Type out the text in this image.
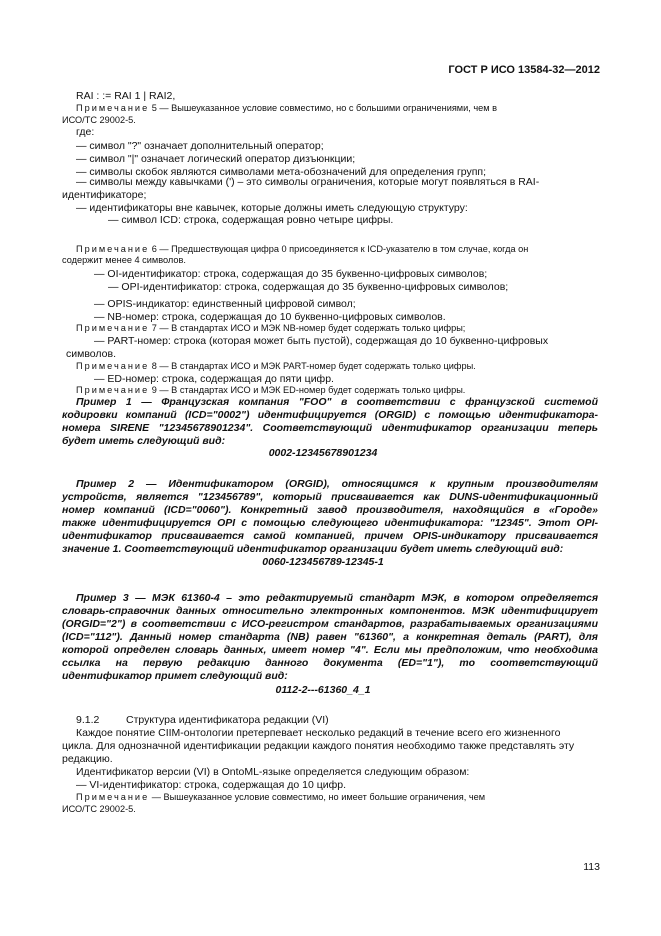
ГОСТ Р ИСО 13584-32—2012
RAI : := RAI 1 | RAI2,
Примечание 5 — Вышеуказанное условие совместимо, но с большими ограничениями, чем в
ИСО/ТС 29002-5.
где:
— символ "?" означает дополнительный оператор;
— символ "|" означает логический оператор дизъюнкции;
— символы скобок являются символами мета-обозначений для определения групп;
— символы между кавычками (') – это символы ограничения, которые могут появляться в RAI-
идентификаторе;
— идентификаторы вне кавычек, которые должны иметь следующую структуру:
— символ ICD: строка, содержащая ровно четыре цифры.
Примечание 6 — Предшествующая цифра 0 присоединяется к ICD-указателю в том случае, когда он
содержит менее 4 символов.
— OI-идентификатор: строка, содержащая до 35 буквенно-цифровых символов;
— OPI-идентификатор: строка, содержащая до 35 буквенно-цифровых символов;
— OPIS-индикатор: единственный цифровой символ;
— NB-номер: строка, содержащая до 10 буквенно-цифровых символов.
Примечание 7 — В стандартах ИСО и МЭК NB-номер будет содержать только цифры;
— PART-номер: строка (которая может быть пустой), содержащая до 10 буквенно-цифровых
символов.
Примечание 8 — В стандартах ИСО и МЭК PART-номер будет содержать только цифры.
— ED-номер: строка, содержащая до пяти цифр.
Примечание 9 — В стандартах ИСО и МЭК ED-номер будет содержать только цифры.
Пример 1 — Французская компания "FOO" в соответствии с французской системой
кодировки компаний (ICD="0002") идентифицируется (ORGID) с помощью идентификатора-
номера SIRENE "12345678901234". Соответствующий идентификатор организации теперь
будет иметь следующий вид:
0002-12345678901234
Пример 2 — Идентификатором (ORGID), относящимся к крупным производителям
устройств, является "123456789", который присваивается как DUNS-идентификационный
номер компаний (ICD="0060"). Конкретный завод производителя, находящийся в «Городе»
также идентифицируется OPI с помощью следующего идентификатора: "12345". Этот OPI-
идентификатор присваивается самой компанией, причем OPIS-индикатору присваивается
значение 1. Соответствующий идентификатор организации будет иметь следующий вид:
0060-123456789-12345-1
Пример 3 — МЭК 61360-4 – это редактируемый стандарт МЭК, в котором определяется
словарь-справочник данных относительно электронных компонентов. МЭК идентифицирует
(ORGID="2") в соответствии с ИСО-регистром стандартов, разрабатываемых организациями
(ICD="112"). Данный номер стандарта (NB) равен "61360", а конкретная деталь (PART), для
которой определен словарь данных, имеет номер "4". Если мы предположим, что необходима
ссылка на первую редакцию данного документа (ED="1"), то соответствующий
идентификатор примет следующий вид:
0112-2---61360_4_1
9.1.2	Структура идентификатора редакции (VI)
Каждое понятие CIIM-онтологии претерпевает несколько редакций в течение всего его жизненного
цикла. Для однозначной идентификации редакции каждого понятия необходимо также представлять эту
редакцию.
Идентификатор версии (VI) в OntoML-языке определяется следующим образом:
— VI-идентификатор: строка, содержащая до 10 цифр.
Примечание — Вышеуказанное условие совместимо, но имеет большие ограничения, чем
ИСО/ТС 29002-5.
113
